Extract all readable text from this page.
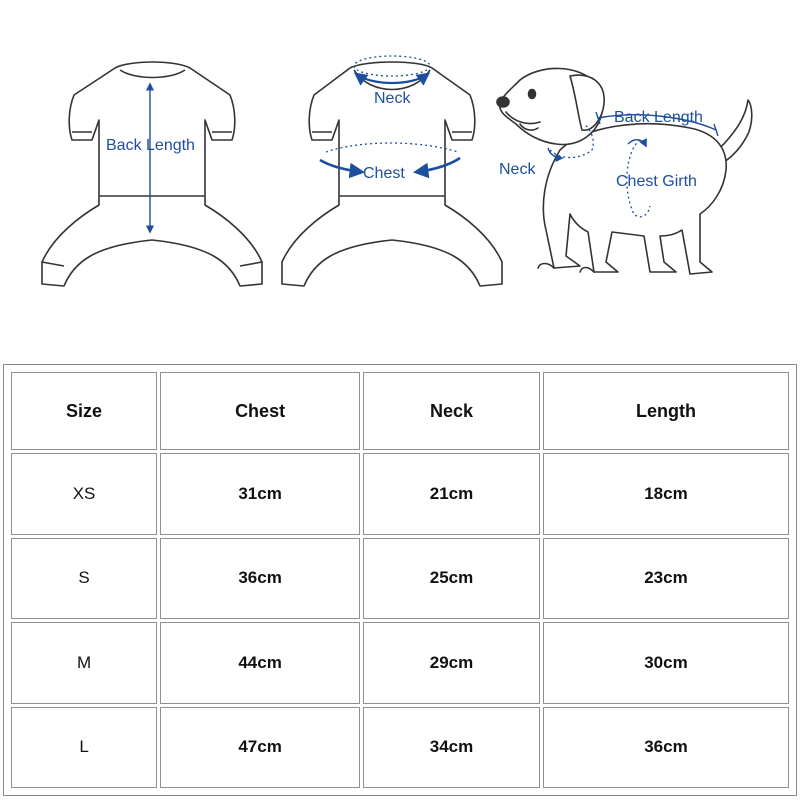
Back Length
Neck
Chest	Neck
Back Length
Chest Girth
Size	Chest	Neck	Length
XS	31cm	21cm	18cm
S	36cm	25cm	23cm
M	44cm	29cm	30cm
L	47cm	34cm	36cm
